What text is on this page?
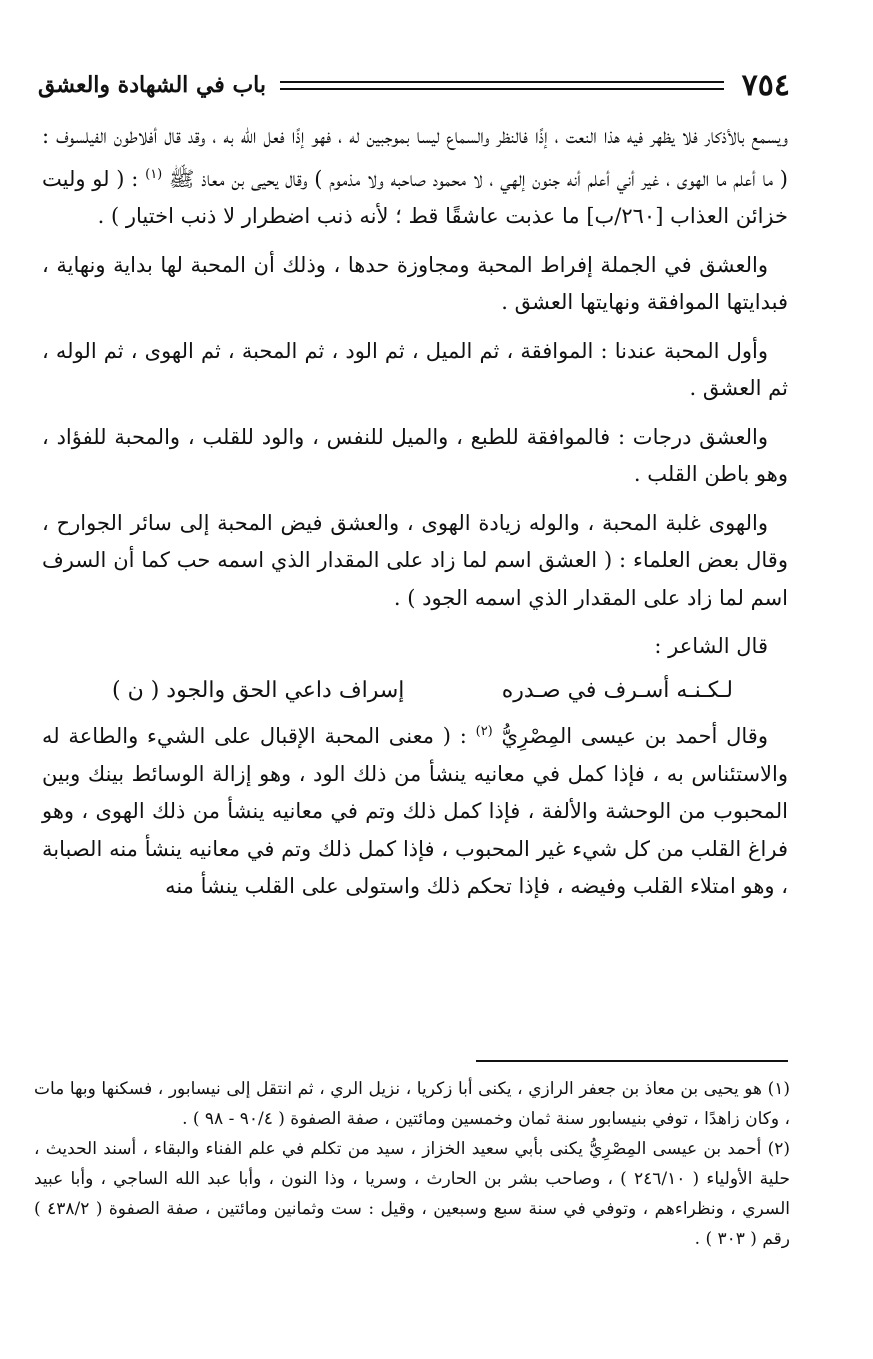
٧٥٤
باب في الشهادة والعشق

ويسمع بالأذكار فلا يظهر فيه هذا النعت ، إذًا فالنظر والسماع ليسا بموجبين له ، فهو إذًا فعل الله به ، وقد قال أفلاطون الفيلسوف : ( ما أعلم ما الهوى ، غير أني أعلم أنه جنون إلهي ، لا محمود صاحبه ولا مذموم ) وقال يحيى بن معاذ ﷺ $^{(١)}$ : ( لو وليت خزائن العذاب [٢٦٠/ب] ما عذبت عاشقًا قط ؛ لأنه ذنب اضطرار لا ذنب اختيار ) .

والعشق في الجملة إفراط المحبة ومجاوزة حدها ، وذلك أن المحبة لها بداية ونهاية ، فبدايتها الموافقة ونهايتها العشق .

وأول المحبة عندنا : الموافقة ، ثم الميل ، ثم الود ، ثم المحبة ، ثم الهوى ، ثم الوله ، ثم العشق .

والعشق درجات : فالموافقة للطبع ، والميل للنفس ، والود للقلب ، والمحبة للفؤاد ، وهو باطن القلب .

والهوى غلبة المحبة ، والوله زيادة الهوى ، والعشق فيض المحبة إلى سائر الجوارح ، وقال بعض العلماء : ( العشق اسم لما زاد على المقدار الذي اسمه حب كما أن السرف اسم لما زاد على المقدار الذي اسمه الجود ) .

قال الشاعر :

لـكـنـه أسـرف في صـدره
إسراف داعي الحق والجود ( ن )

وقال أحمد بن عيسى المِصْرِيُّ $^{(٢)}$ : ( معنى المحبة الإقبال على الشيء والطاعة له والاستئناس به ، فإذا كمل في معانيه ينشأ من ذلك الود ، وهو إزالة الوسائط بينك وبين المحبوب من الوحشة والألفة ، فإذا كمل ذلك وتم في معانيه ينشأ من ذلك الهوى ، وهو فراغ القلب من كل شيء غير المحبوب ، فإذا كمل ذلك وتم في معانيه ينشأ منه الصبابة ، وهو امتلاء القلب وفيضه ، فإذا تحكم ذلك واستولى على القلب ينشأ منه

(١) هو يحيى بن معاذ بن جعفر الرازي ، يكنى أبا زكريا ، نزيل الري ، ثم انتقل إلى نيسابور ، فسكنها وبها مات ، وكان زاهدًا ، توفي بنيسابور سنة ثمان وخمسين ومائتين ، صفة الصفوة ( ٩٠/٤ - ٩٨ ) .

(٢) أحمد بن عيسى المِصْرِيُّ يكنى بأبي سعيد الخزاز ، سيد من تكلم في علم الفناء والبقاء ، أسند الحديث ، حلية الأولياء ( ٢٤٦/١٠ ) ، وصاحب بشر بن الحارث ، وسريا ، وذا النون ، وأبا عبد الله الساجي ، وأبا عبيد السري ، ونظراءهم ، وتوفي في سنة سبع وسبعين ، وقيل : ست وثمانين ومائتين ، صفة الصفوة ( ٤٣٨/٢ ) رقم ( ٣٠٣ ) .
